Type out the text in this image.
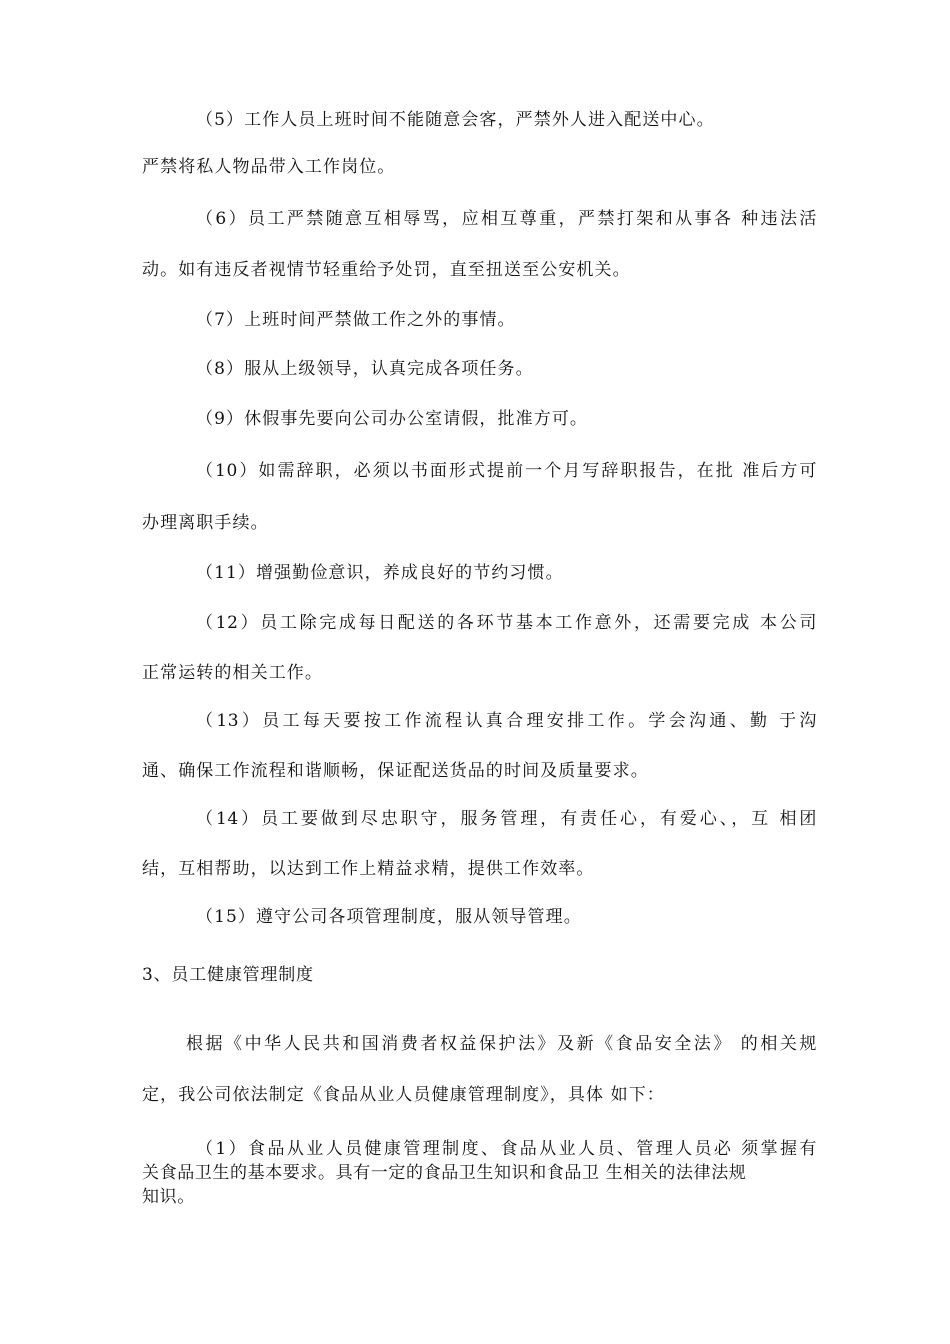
（5）工作人员上班时间不能随意会客，严禁外人进入配送中心。

严禁将私人物品带入工作岗位。

（6）员工严禁随意互相辱骂，应相互尊重，严禁打架和从事各 种违法活

动。如有违反者视情节轻重给予处罚，直至扭送至公安机关。

（7）上班时间严禁做工作之外的事情。

（8）服从上级领导，认真完成各项任务。

（9）休假事先要向公司办公室请假，批准方可。

（10）如需辞职，必须以书面形式提前一个月写辞职报告，在批 准后方可

办理离职手续。

（11）增强勤俭意识，养成良好的节约习惯。

（12）员工除完成每日配送的各环节基本工作意外，还需要完成 本公司

正常运转的相关工作。

（13）员工每天要按工作流程认真合理安排工作。学会沟通、勤 于沟

通、确保工作流程和谐顺畅，保证配送货品的时间及质量要求。

（14）员工要做到尽忠职守，服务管理，有责任心，有爱心、，互 相团

结，互相帮助，以达到工作上精益求精，提供工作效率。

（15）遵守公司各项管理制度，服从领导管理。

3、员工健康管理制度

根据《中华人民共和国消费者权益保护法》及新《食品安全法》 的相关规

定，我公司依法制定《食品从业人员健康管理制度》，具体 如下：

（1）食品从业人员健康管理制度、食品从业人员、管理人员必 须掌握有

关食品卫生的基本要求。具有一定的食品卫生知识和食品卫 生相关的法律法规

知识。
